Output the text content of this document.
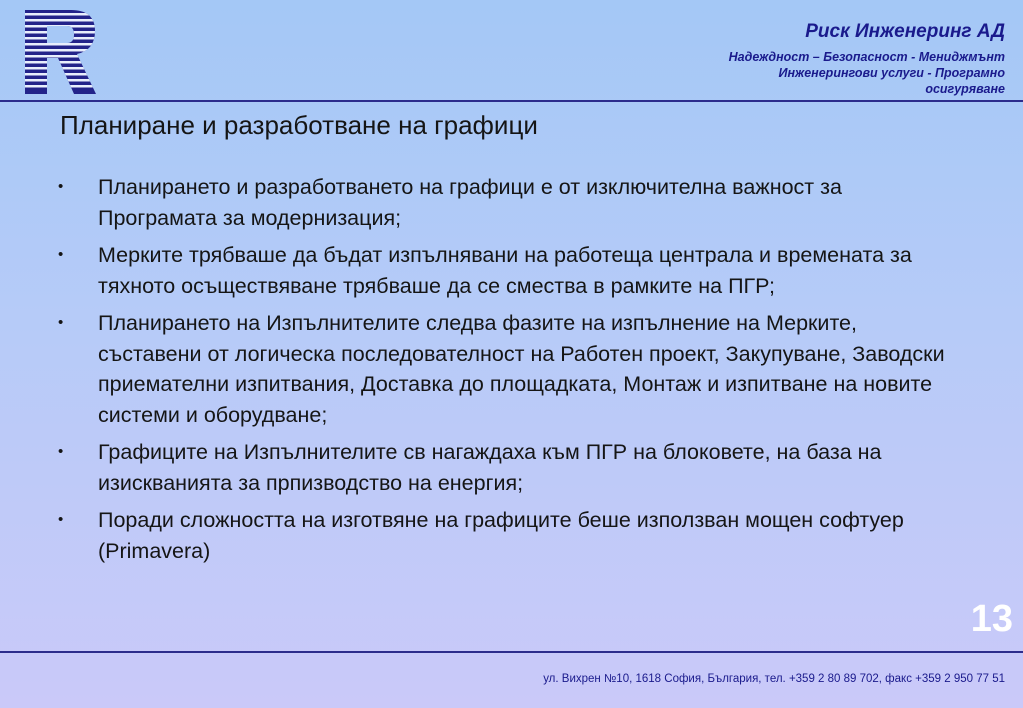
Риск Инженеринг АД
Надеждност – Безопасност - Мениджмънт
Инженерингови услуги - Програмно
осигуряване
Планиране и разработване на графици
•	Планирането и разработването на графици е от изключителна важност за Програмата за модернизация;
•	Мерките трябваше да бъдат изпълнявани на работеща централа и времената за тяхното осъществяване трябваше да се смества в рамките на ПГР;
•	Планирането на Изпълнителите следва фазите на изпълнение на Мерките, съставени от логическа последователност на Работен проект, Закупуване, Заводски приемателни изпитвания, Доставка до площадката, Монтаж и изпитване на новите системи и оборудване;
•	Графиците на Изпълнителите св нагаждаха към ПГР на блоковете, на база на изискванията за прпизводство на енергия;
•	Поради сложността на изготвяне на графиците беше използван мощен софтуер (Primavera)
13
ул. Вихрен №10, 1618 София, България, тел. +359 2 80 89 702, факс +359 2 950 77 51
